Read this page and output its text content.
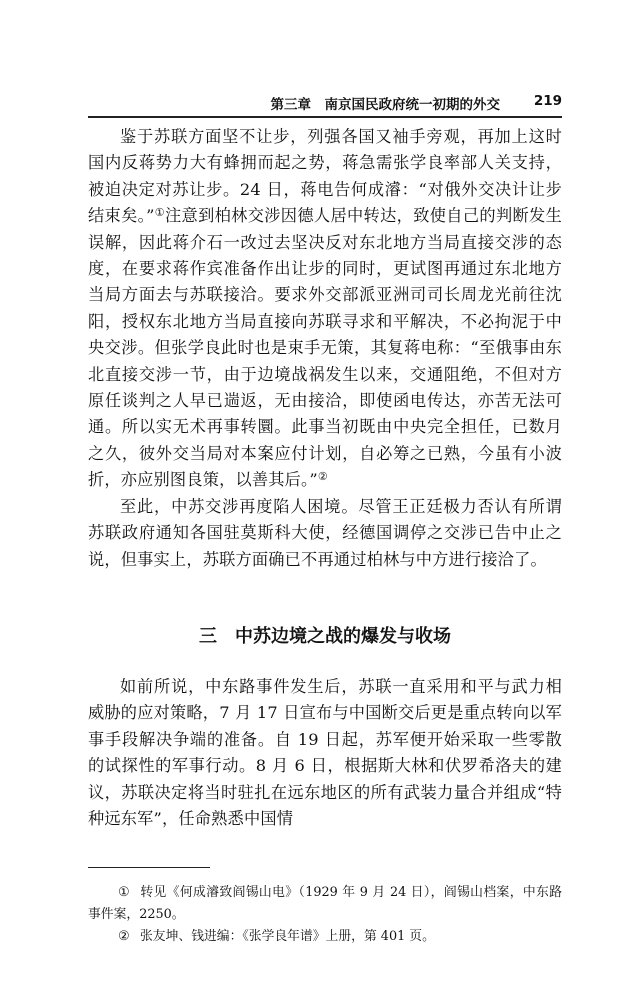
第三章　南京国民政府统一初期的外交	219

鉴于苏联方面坚不让步，列强各国又袖手旁观，再加上这时国内反蒋势力大有蜂拥而起之势，蒋急需张学良率部人关支持，被迫决定对苏让步。24 日，蒋电告何成濬：“对俄外交决计让步结束矣。”①注意到柏林交涉因德人居中转达，致使自己的判断发生误解，因此蒋介石一改过去坚决反对东北地方当局直接交涉的态度，在要求蒋作宾准备作出让步的同时，更试图再通过东北地方当局方面去与苏联接洽。要求外交部派亚洲司司长周龙光前往沈阳，授权东北地方当局直接向苏联寻求和平解决，不必拘泥于中央交涉。但张学良此时也是束手无策，其复蒋电称：“至俄事由东北直接交涉一节，由于边境战祸发生以来，交通阻绝，不但对方原任谈判之人早已遄返，无由接洽，即使函电传达，亦苦无法可通。所以实无术再事转圜。此事当初既由中央完全担任，已数月之久，彼外交当局对本案应付计划，自必筹之已熟，今虽有小波折，亦应别图良策，以善其后。”②

至此，中苏交涉再度陷人困境。尽管王正廷极力否认有所谓苏联政府通知各国驻莫斯科大使，经德国调停之交涉已告中止之说，但事实上，苏联方面确已不再通过柏林与中方进行接洽了。

三 中苏边境之战的爆发与收场

如前所说，中东路事件发生后，苏联一直采用和平与武力相威胁的应对策略，7 月 17 日宣布与中国断交后更是重点转向以军事手段解决争端的准备。自 19 日起，苏军便开始采取一些零散的试探性的军事行动。8 月 6 日，根据斯大林和伏罗希洛夫的建议，苏联决定将当时驻扎在远东地区的所有武装力量合并组成“特种远东军”，任命熟悉中国情

① 转见《何成濬致阎锡山电》（1929 年 9 月 24 日），阎锡山档案，中东路事件案，2250。

② 张友坤、钱进编：《张学良年谱》上册，第 401 页。
